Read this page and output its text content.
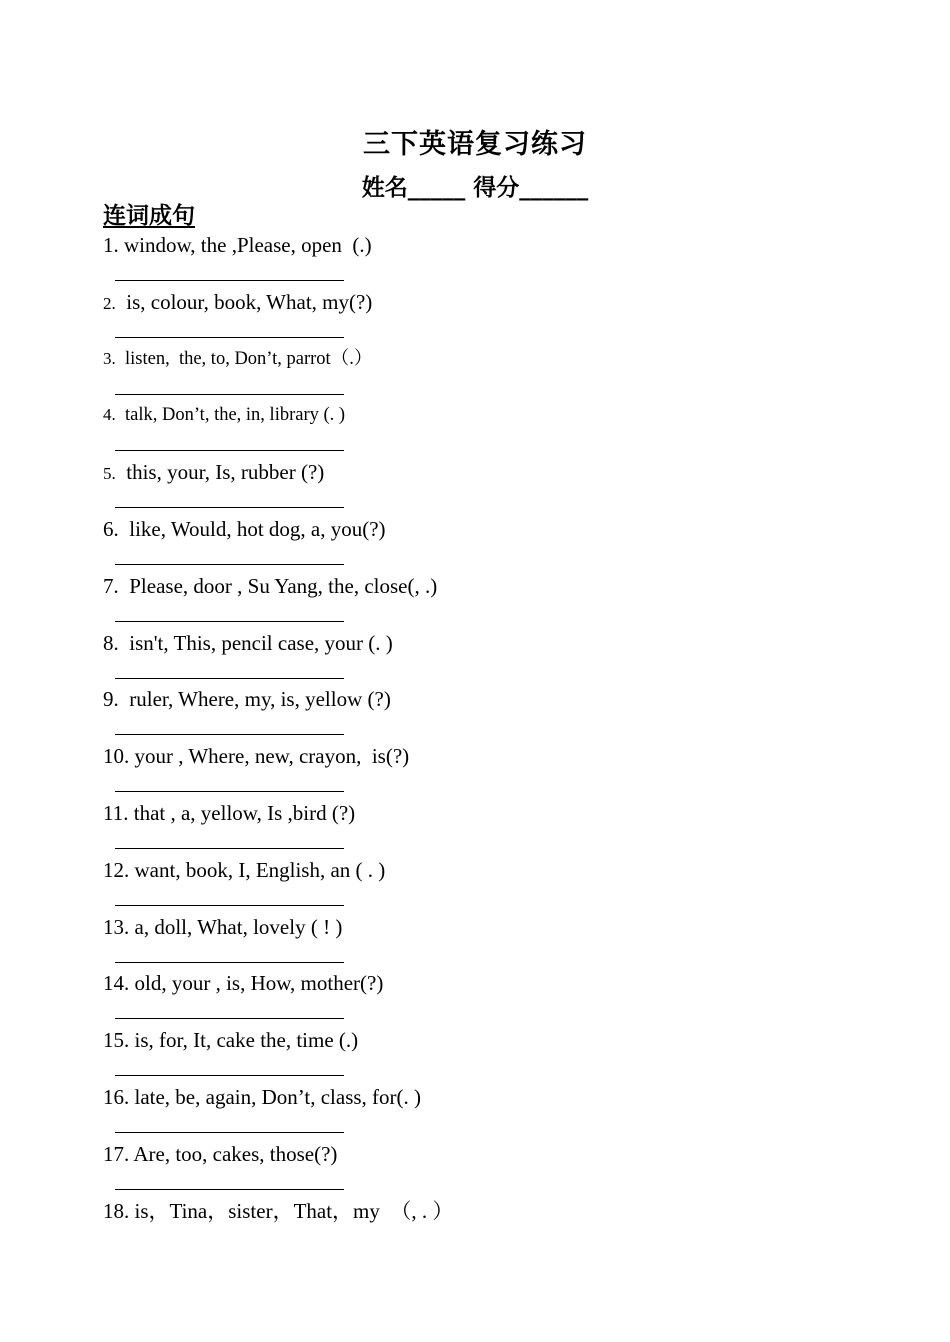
三下英语复习练习
姓名_____ 得分______
连词成句
1. window, the ,Please, open  (.)
2.  is, colour, book, What, my(?)
3.  listen,  the, to, Don’t, parrot（.）
4.  talk, Don’t, the, in, library (. )
5.  this, your, Is, rubber (?)
6.  like, Would, hot dog, a, you(?)
7.  Please, door , Su Yang, the, close(, .)
8.  isn't, This, pencil case, your (. )
9.  ruler, Where, my, is, yellow (?)
10. your , Where, new, crayon,  is(?)
11. that , a, yellow, Is ,bird (?)
12. want, book, I, English, an ( . )
13. a, doll, What, lovely ( ! )
14. old, your , is, How, mother(?)
15. is, for, It, cake the, time (.)
16. late, be, again, Don’t, class, for(. )
17. Are, too, cakes, those(?)
18. is，Tina，sister，That，my  （, . ）
